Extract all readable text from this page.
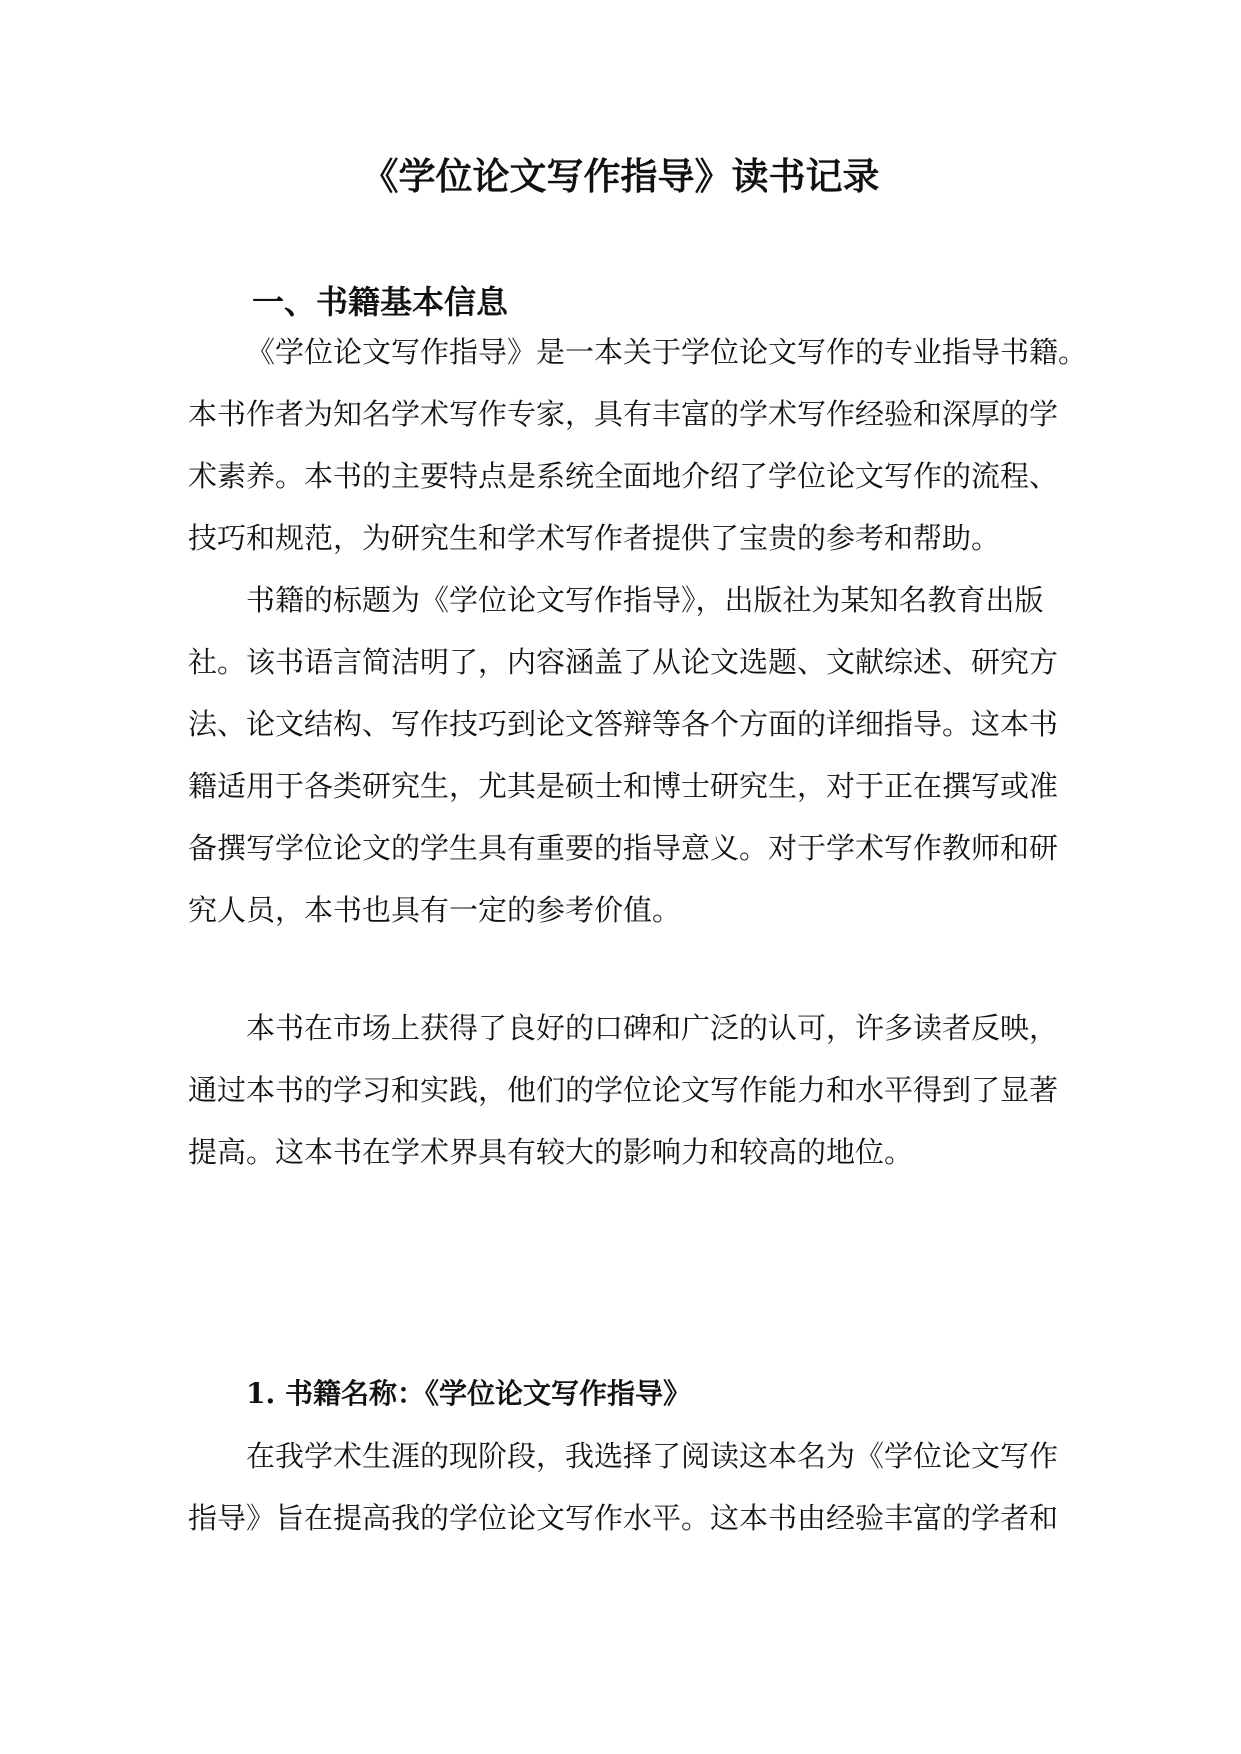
《学位论文写作指导》读书记录
一、书籍基本信息

《学位论文写作指导》是一本关于学位论文写作的专业指导书籍。

本书作者为知名学术写作专家，具有丰富的学术写作经验和深厚的学

术素养。本书的主要特点是系统全面地介绍了学位论文写作的流程、

技巧和规范，为研究生和学术写作者提供了宝贵的参考和帮助。

书籍的标题为《学位论文写作指导》，出版社为某知名教育出版

社。该书语言简洁明了，内容涵盖了从论文选题、文献综述、研究方

法、论文结构、写作技巧到论文答辩等各个方面的详细指导。这本书

籍适用于各类研究生，尤其是硕士和博士研究生，对于正在撰写或准

备撰写学位论文的学生具有重要的指导意义。对于学术写作教师和研

究人员，本书也具有一定的参考价值。

本书在市场上获得了良好的口碑和广泛的认可，许多读者反映，

通过本书的学习和实践，他们的学位论文写作能力和水平得到了显著

提高。这本书在学术界具有较大的影响力和较高的地位。

1. 书籍名称：《学位论文写作指导》

在我学术生涯的现阶段，我选择了阅读这本名为《学位论文写作

指导》旨在提高我的学位论文写作水平。这本书由经验丰富的学者和
